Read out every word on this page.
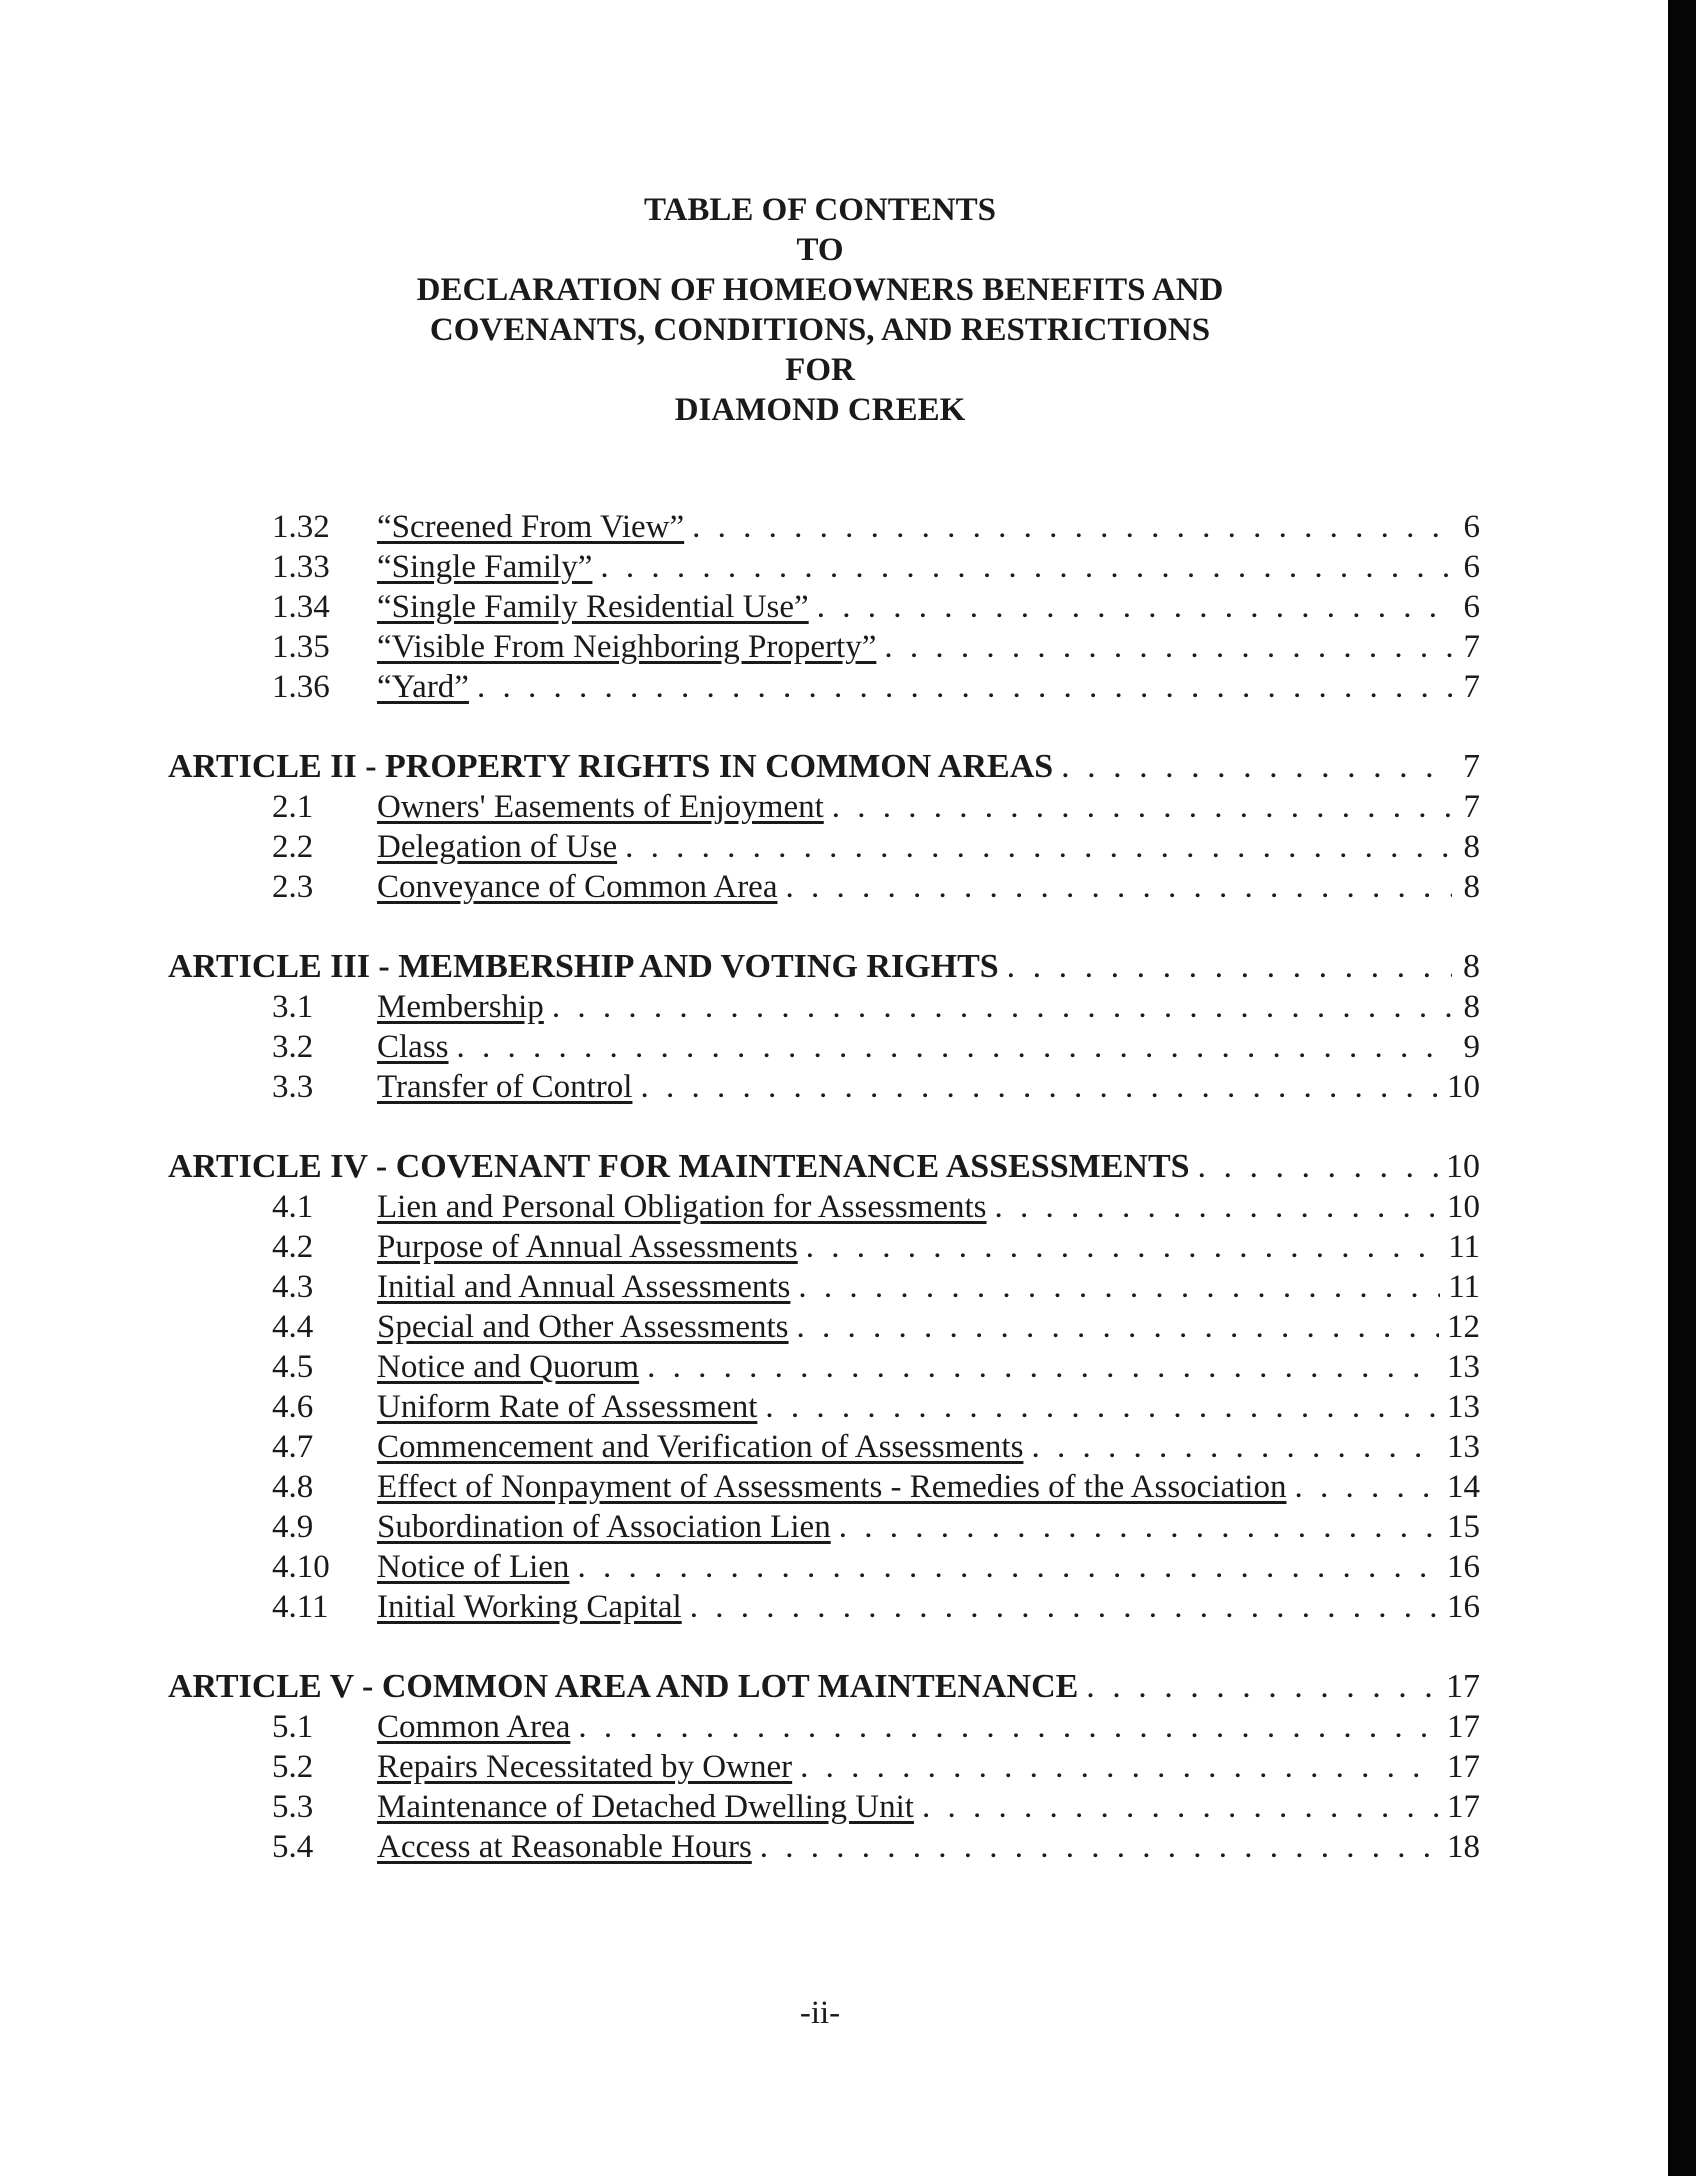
TABLE OF CONTENTS
TO
DECLARATION OF HOMEOWNERS BENEFITS AND
COVENANTS, CONDITIONS, AND RESTRICTIONS
FOR
DIAMOND CREEK
1.32	“Screened From View” . . .	6
1.33	“Single Family” . . .	6
1.34	“Single Family Residential Use” . . .	6
1.35	“Visible From Neighboring Property” . . .	7
1.36	“Yard” . . .	7
ARTICLE II - PROPERTY RIGHTS IN COMMON AREAS . . .	7
2.1	Owners' Easements of Enjoyment . . .	7
2.2	Delegation of Use . . .	8
2.3	Conveyance of Common Area . . .	8
ARTICLE III - MEMBERSHIP AND VOTING RIGHTS . . .	8
3.1	Membership . . .	8
3.2	Class . . .	9
3.3	Transfer of Control . . .	10
ARTICLE IV - COVENANT FOR MAINTENANCE ASSESSMENTS . . .	10
4.1	Lien and Personal Obligation for Assessments . . .	10
4.2	Purpose of Annual Assessments . . .	11
4.3	Initial and Annual Assessments . . .	11
4.4	Special and Other Assessments . . .	12
4.5	Notice and Quorum . . .	13
4.6	Uniform Rate of Assessment . . .	13
4.7	Commencement and Verification of Assessments . . .	13
4.8	Effect of Nonpayment of Assessments - Remedies of the Association . . .	14
4.9	Subordination of Association Lien . . .	15
4.10	Notice of Lien . . .	16
4.11	Initial Working Capital . . .	16
ARTICLE V - COMMON AREA AND LOT MAINTENANCE . . .	17
5.1	Common Area . . .	17
5.2	Repairs Necessitated by Owner . . .	17
5.3	Maintenance of Detached Dwelling Unit . . .	17
5.4	Access at Reasonable Hours . . .	18
-ii-
